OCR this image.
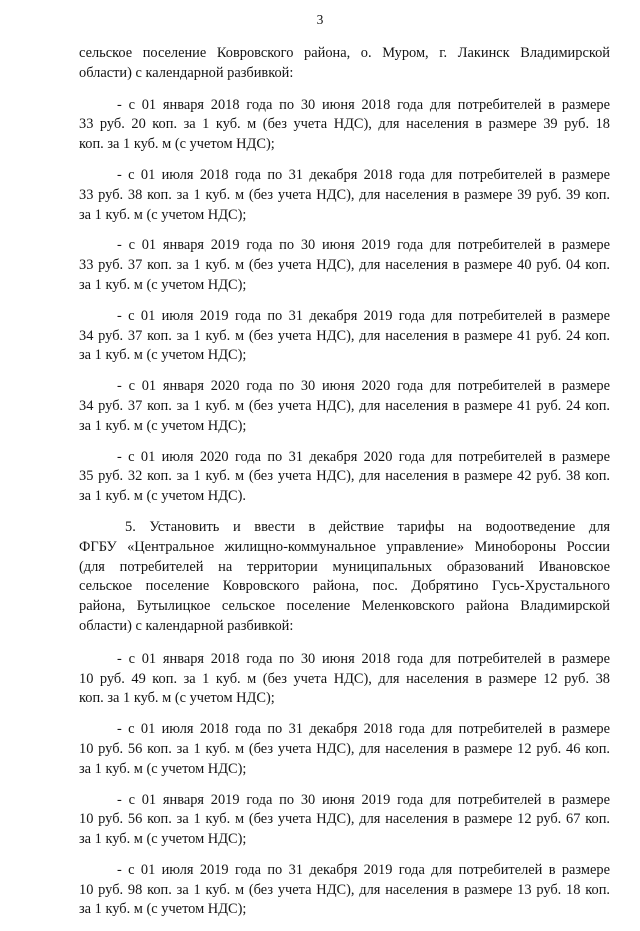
3

сельское поселение Ковровского района, о. Муром, г. Лакинск Владимирской
области) с календарной разбивкой:

- с 01 января 2018 года по 30 июня 2018 года для потребителей в размере
33 руб. 20 коп. за 1 куб. м (без учета НДС), для населения в размере 39 руб. 18
коп. за 1 куб. м (с учетом НДС);

- с 01 июля 2018 года по 31 декабря 2018 года для потребителей в размере
33 руб. 38 коп. за 1 куб. м (без учета НДС), для населения в размере 39 руб. 39 коп.
за 1 куб. м (с учетом НДС);

- с 01 января 2019 года по 30 июня 2019 года для потребителей в размере
33 руб. 37 коп. за 1 куб. м (без учета НДС), для населения в размере 40 руб. 04 коп.
за 1 куб. м (с учетом НДС);

- с 01 июля 2019 года по 31 декабря 2019 года для потребителей в размере
34 руб. 37 коп. за 1 куб. м (без учета НДС), для населения в размере 41 руб. 24 коп.
за 1 куб. м (с учетом НДС);

- с 01 января 2020 года по 30 июня 2020 года для потребителей в размере
34 руб. 37 коп. за 1 куб. м (без учета НДС), для населения в размере 41 руб. 24 коп.
за 1 куб. м (с учетом НДС);

- с 01 июля 2020 года по 31 декабря 2020 года для потребителей в размере
35 руб. 32 коп. за 1 куб. м (без учета НДС), для населения в размере 42 руб. 38 коп.
за 1 куб. м (с учетом НДС).

5. Установить и ввести в действие тарифы на водоотведение для
ФГБУ «Центральное жилищно-коммунальное управление» Минобороны России
(для потребителей на территории муниципальных образований Ивановское
сельское поселение Ковровского района, пос. Добрятино Гусь-Хрустального
района, Бутылицкое сельское поселение Меленковского района Владимирской
области) с календарной разбивкой:

- с 01 января 2018 года по 30 июня 2018 года для потребителей в размере
10 руб. 49 коп. за 1 куб. м (без учета НДС), для населения в размере 12 руб. 38
коп. за 1 куб. м (с учетом НДС);

- с 01 июля 2018 года по 31 декабря 2018 года для потребителей в размере
10 руб. 56 коп. за 1 куб. м (без учета НДС), для населения в размере 12 руб. 46 коп.
за 1 куб. м (с учетом НДС);

- с 01 января 2019 года по 30 июня 2019 года для потребителей в размере
10 руб. 56 коп. за 1 куб. м (без учета НДС), для населения в размере 12 руб. 67 коп.
за 1 куб. м (с учетом НДС);

- с 01 июля 2019 года по 31 декабря 2019 года для потребителей в размере
10 руб. 98 коп. за 1 куб. м (без учета НДС), для населения в размере 13 руб. 18 коп.
за 1 куб. м (с учетом НДС);
